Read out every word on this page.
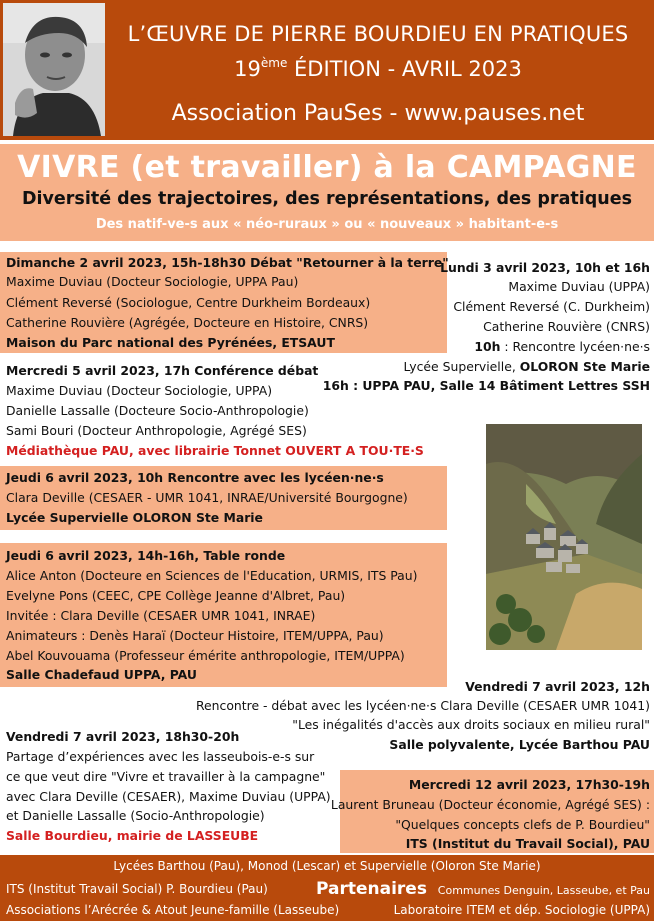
L’ŒUVRE DE PIERRE BOURDIEU EN PRATIQUES
19ème ÉDITION - AVRIL 2023
Association PauSes - www.pauses.net
VIVRE (et travailler) à la CAMPAGNE
Diversité des trajectoires, des représentations, des pratiques
Des natif-ve-s aux « néo-ruraux » ou « nouveaux » habitant-e-s
Dimanche 2 avril 2023, 15h-18h30 Débat "Retourner à la terre"
Maxime Duviau (Docteur Sociologie, UPPA Pau)
Clément Reversé (Sociologue, Centre Durkheim Bordeaux)
Catherine Rouvière (Agrégée, Docteure en Histoire, CNRS)
Maison du Parc national des Pyrénées, ETSAUT
Lundi 3 avril 2023, 10h et 16h
Maxime Duviau (UPPA)
Clément Reversé (C. Durkheim)
Catherine Rouvière (CNRS)
10h : Rencontre lycéen·ne·s
Lycée Supervielle, OLORON Ste Marie
16h : UPPA PAU, Salle 14 Bâtiment Lettres SSH
Mercredi 5 avril 2023, 17h Conférence débat
Maxime Duviau (Docteur Sociologie, UPPA)
Danielle Lassalle (Docteure Socio-Anthropologie)
Sami Bouri (Docteur Anthropologie, Agrégé SES)
Médiathèque PAU, avec librairie Tonnet OUVERT A TOU·TE·S
Jeudi 6 avril 2023, 10h Rencontre avec les lycéen·ne·s
Clara Deville (CESAER - UMR 1041, INRAE/Université Bourgogne)
Lycée Supervielle OLORON Ste Marie
Jeudi 6 avril 2023, 14h-16h, Table ronde
Alice Anton (Docteure en Sciences de l'Education, URMIS, ITS Pau)
Evelyne Pons (CEEC, CPE Collège Jeanne d'Albret, Pau)
Invitée : Clara Deville (CESAER UMR 1041, INRAE)
Animateurs : Denès Haraï (Docteur Histoire, ITEM/UPPA, Pau)
Abel Kouvouama (Professeur émérite anthropologie, ITEM/UPPA)
Salle Chadefaud UPPA, PAU
Vendredi 7 avril 2023, 12h
Rencontre - débat avec les lycéen·ne·s Clara Deville (CESAER UMR 1041)
"Les inégalités d'accès aux droits sociaux en milieu rural"
Salle polyvalente, Lycée Barthou PAU
Vendredi 7 avril 2023, 18h30-20h
Partage d’expériences avec les lasseubois-e-s sur
ce que veut dire "Vivre et travailler à la campagne"
avec Clara Deville (CESAER), Maxime Duviau (UPPA)
et Danielle Lassalle (Socio-Anthropologie)
Salle Bourdieu, mairie de LASSEUBE
Mercredi 12 avril 2023, 17h30-19h
Laurent Bruneau (Docteur économie, Agrégé SES) :
"Quelques concepts clefs de P. Bourdieu"
ITS (Institut du Travail Social), PAU
Lycées Barthou (Pau), Monod (Lescar) et Supervielle (Oloron Ste Marie)
ITS (Institut Travail Social) P. Bourdieu (Pau)	Partenaires Communes Denguin, Lasseube, et Pau
Associations l’Arécrée & Atout Jeune-famille (Lasseube)	Laboratoire ITEM et dép. Sociologie (UPPA)
